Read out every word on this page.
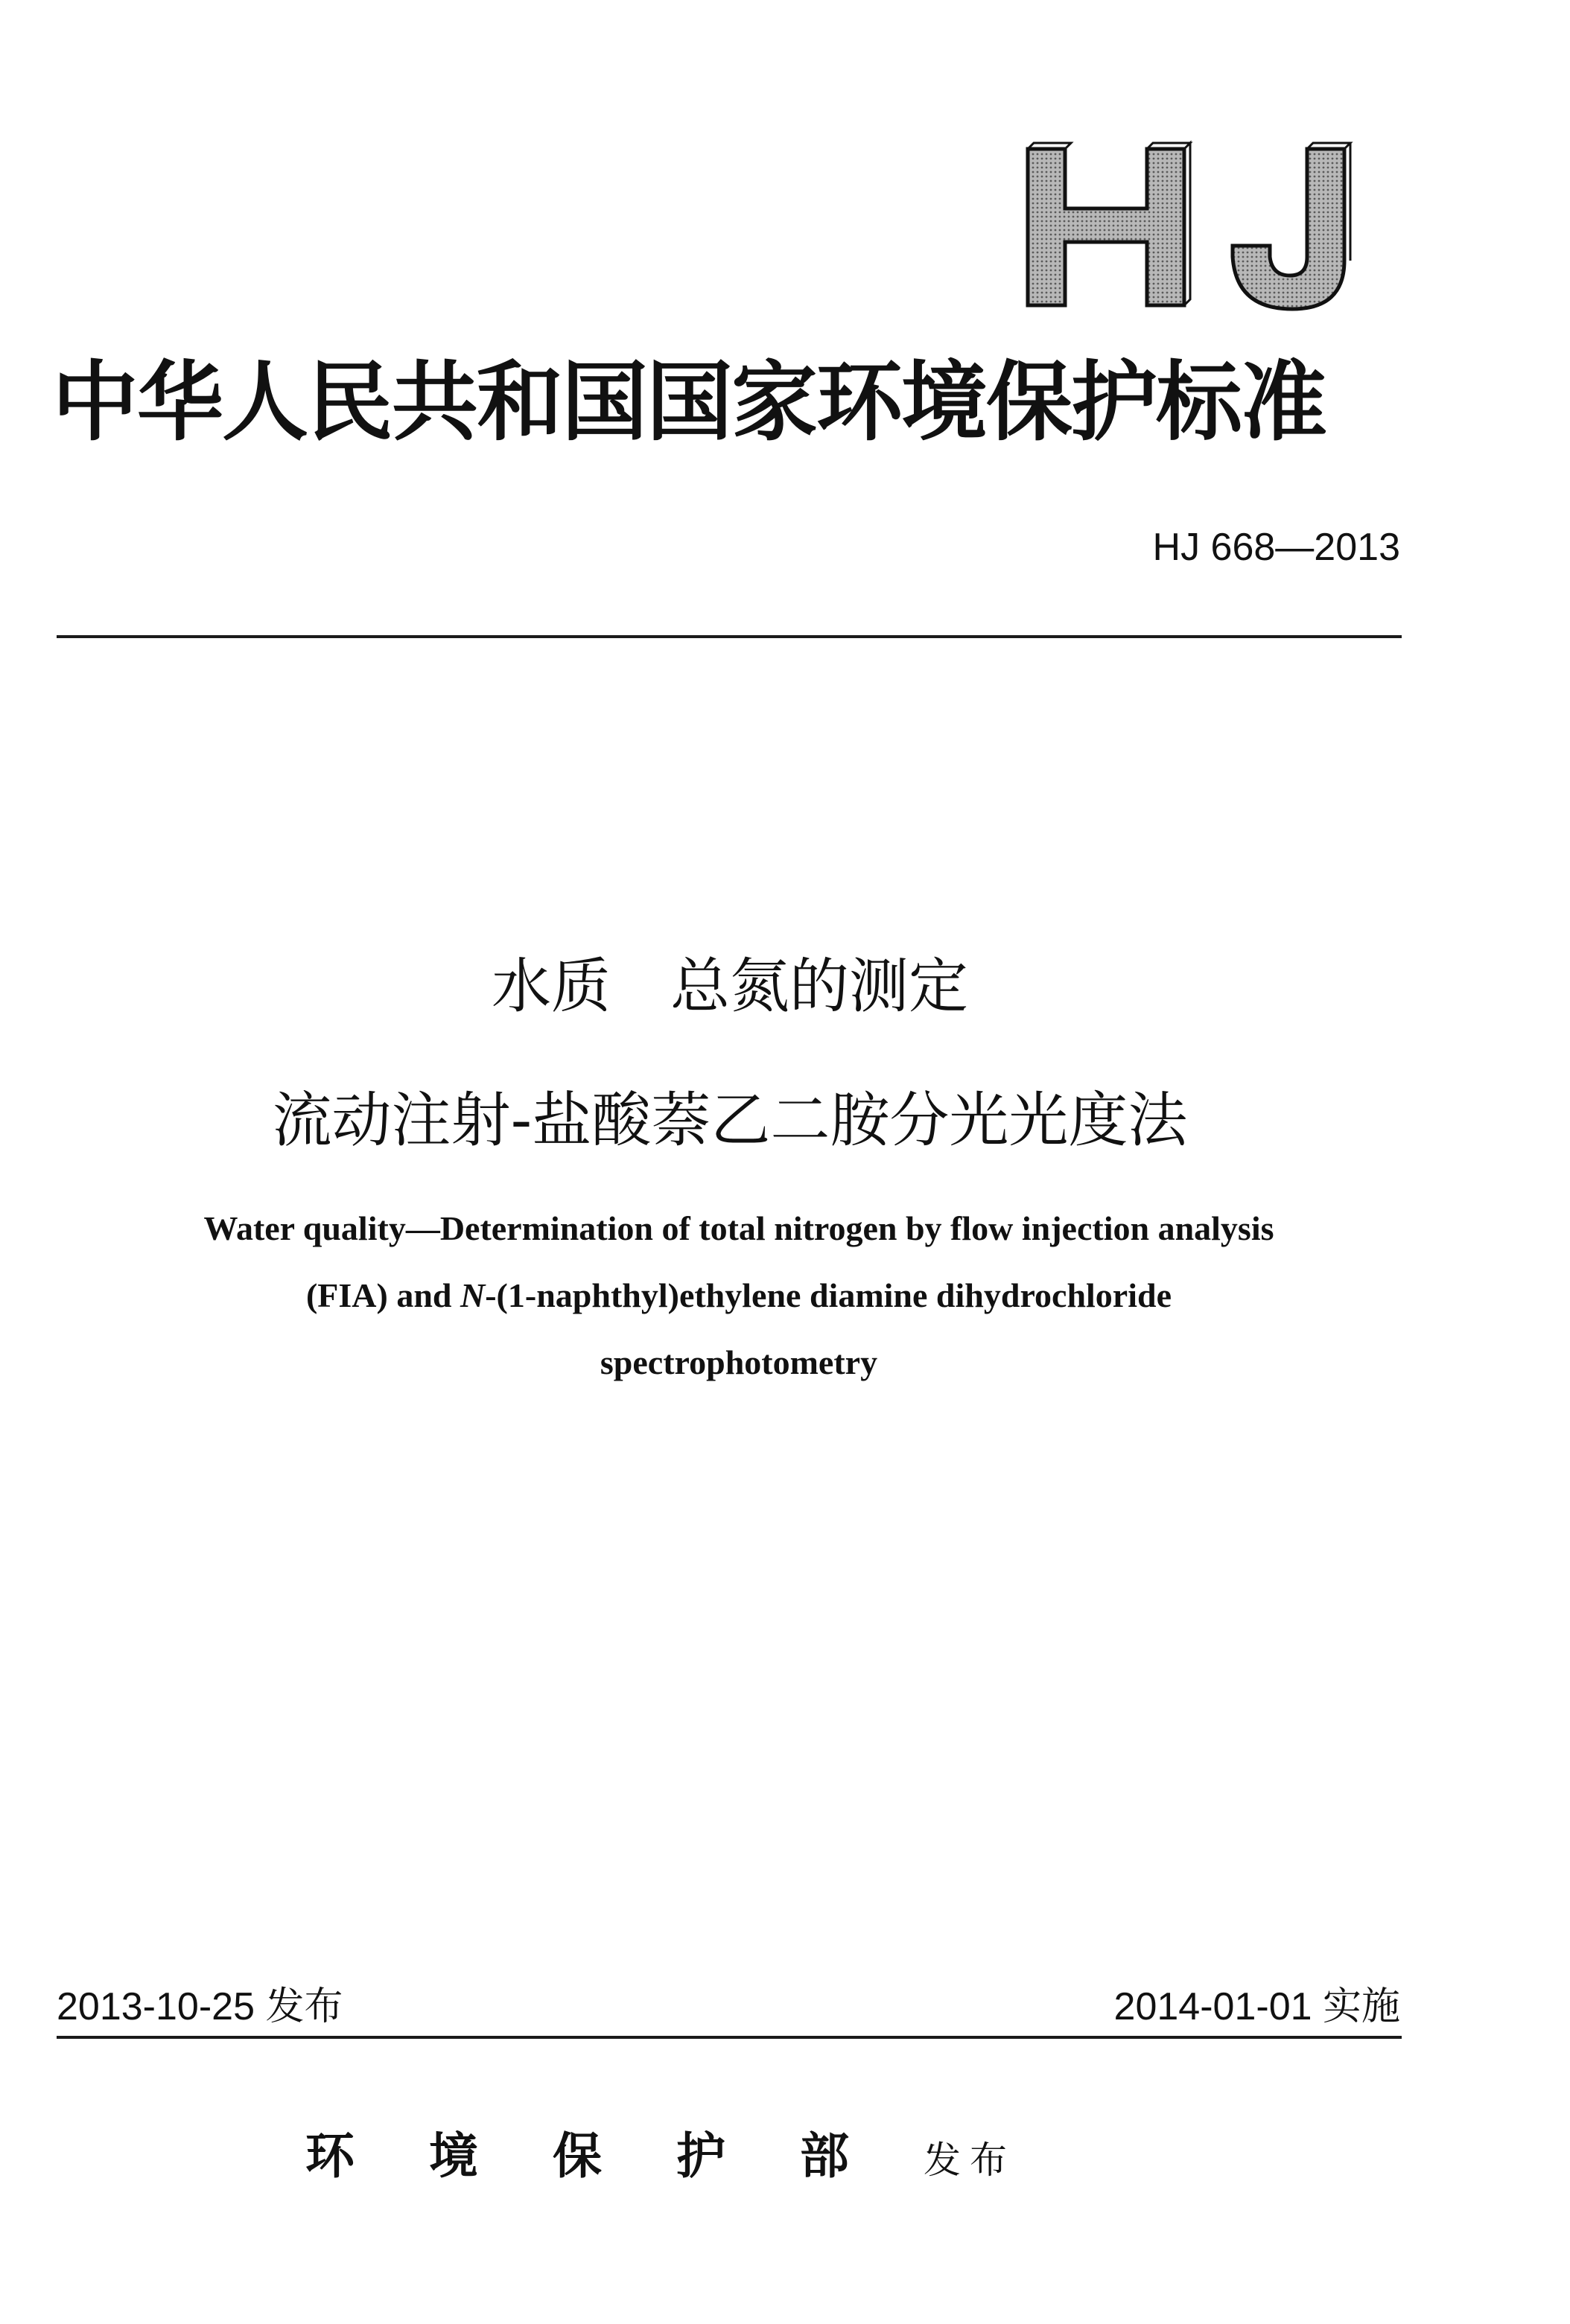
中华人民共和国国家环境保护标准
HJ 668—2013
水质　总氮的测定
流动注射-盐酸萘乙二胺分光光度法
Water quality—Determination of total nitrogen by flow injection analysis
(FIA) and N-(1-naphthyl)ethylene diamine dihydrochloride
spectrophotometry
2013-10-25 发布	2014-01-01 实施
环境保护部发布
